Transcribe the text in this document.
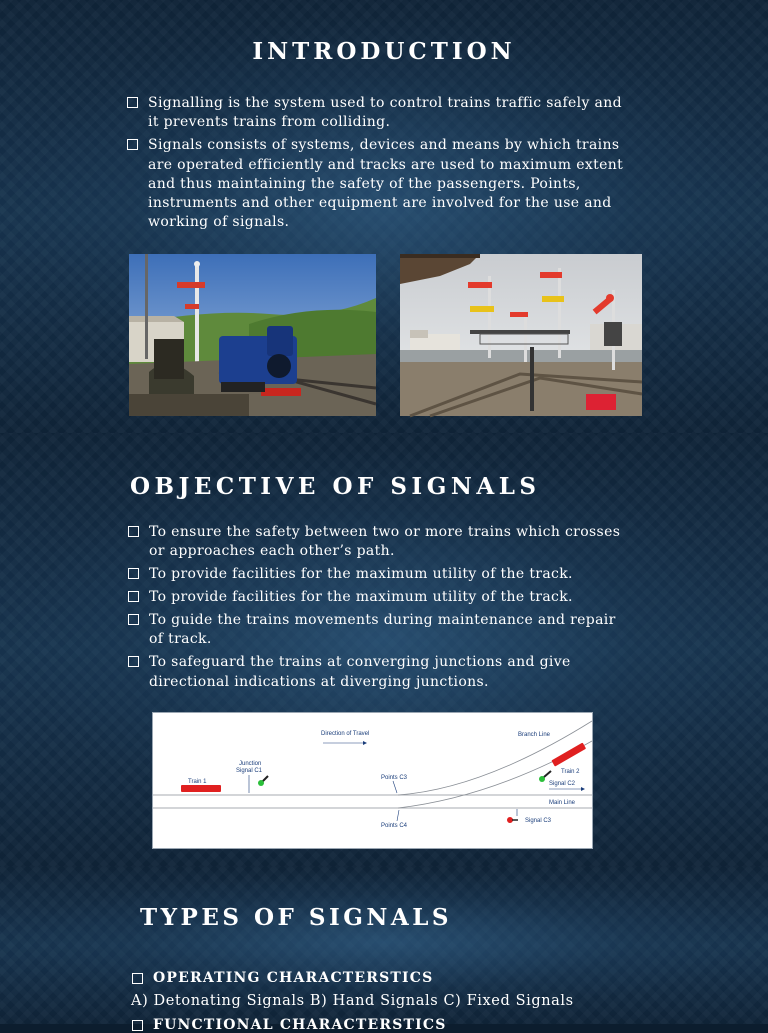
INTRODUCTION
Signalling is the system used to control trains traffic safely and it prevents trains from colliding.
Signals consists of systems, devices and means by which trains are operated efficiently and tracks are used to maximum extent and thus maintaining the safety of the passengers. Points, instruments and other equipment are involved for the use and working of signals.
OBJECTIVE OF SIGNALS
To ensure the safety between two or more trains which crosses or approaches each other’s path.
To provide facilities for the maximum utility of the track.
To provide facilities for the maximum utility of the track.
To guide the trains movements during maintenance and repair of track.
To safeguard the trains at converging junctions and give directional indications at diverging junctions.
Direction of Travel	Branch Line
Junction
Signal C1
Train 1
Points C3
Points C4
Train 2
Signal C2
Main Line
Signal C3
TYPES OF SIGNALS
OPERATING CHARACTERSTICS
A) Detonating Signals B) Hand Signals C) Fixed Signals
FUNCTIONAL CHARACTERSTICS
